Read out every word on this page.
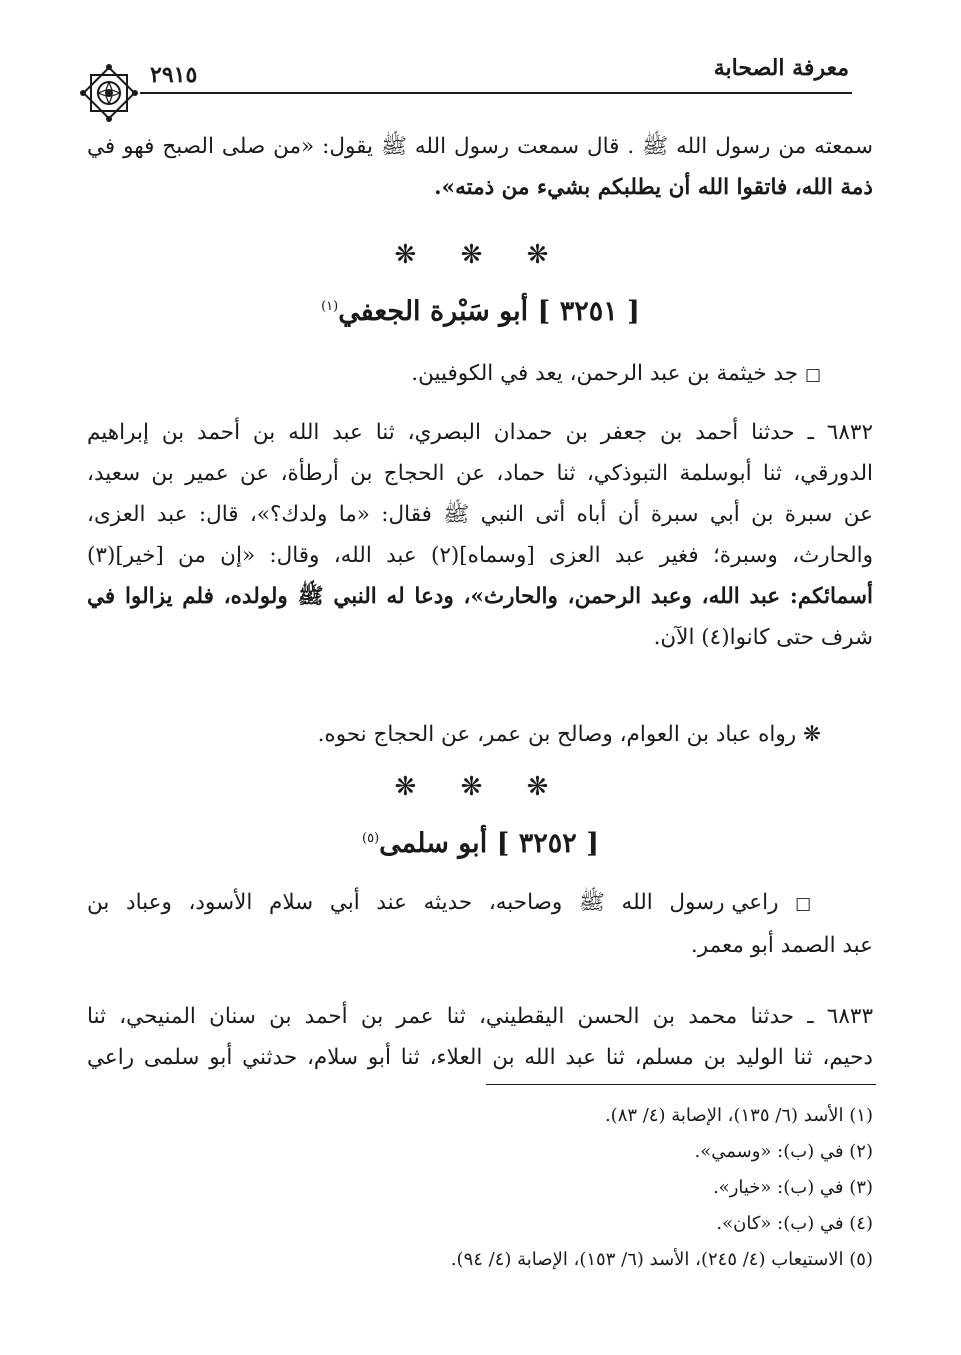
معرفة الصحابة
٢٩١٥
سمعته من رسول الله ﷺ . قال سمعت رسول الله ﷺ يقول: «من صلى الصبح فهو في
ذمة الله، فاتقوا الله أن يطلبكم بشيء من ذمته».
❋ ❋ ❋
[ ٣٢٥١ ] أبو سَبْرة الجعفي$^{(١)}$
□ جد خيثمة بن عبد الرحمن، يعد في الكوفيين.
٦٨٣٢ ـ حدثنا أحمد بن جعفر بن حمدان البصري، ثنا عبد الله بن أحمد بن إبراهيم
الدورقي، ثنا أبوسلمة التبوذكي، ثنا حماد، عن الحجاج بن أرطأة، عن عمير بن سعيد،
عن سبرة بن أبي سبرة أن أباه أتى النبي ﷺ فقال: «ما ولدك؟»، قال: عبد العزى،
والحارث، وسبرة؛ فغير عبد العزى [وسماه](٢) عبد الله، وقال: «إن من [خير](٣)
أسمائكم: عبد الله، وعبد الرحمن، والحارث»، ودعا له النبي ﷺ ولولده، فلم يزالوا في
شرف حتى كانوا(٤) الآن.
❋ رواه عباد بن العوام، وصالح بن عمر، عن الحجاج نحوه.
❋ ❋ ❋
[ ٣٢٥٢ ] أبو سلمى$^{(٥)}$
□ راعي رسول الله ﷺ وصاحبه، حديثه عند أبي سلام الأسود، وعباد بن
عبد الصمد أبو معمر.
٦٨٣٣ ـ حدثنا محمد بن الحسن اليقطيني، ثنا عمر بن أحمد بن سنان المنيحي، ثنا
دحيم، ثنا الوليد بن مسلم، ثنا عبد الله بن العلاء، ثنا أبو سلام، حدثني أبو سلمى راعي
(١) الأسد (٦/ ١٣٥)، الإصابة (٤/ ٨٣).
(٢) في (ب): «وسمي».
(٣) في (ب): «خيار».
(٤) في (ب): «كان».
(٥) الاستيعاب (٤/ ٢٤٥)، الأسد (٦/ ١٥٣)، الإصابة (٤/ ٩٤).
